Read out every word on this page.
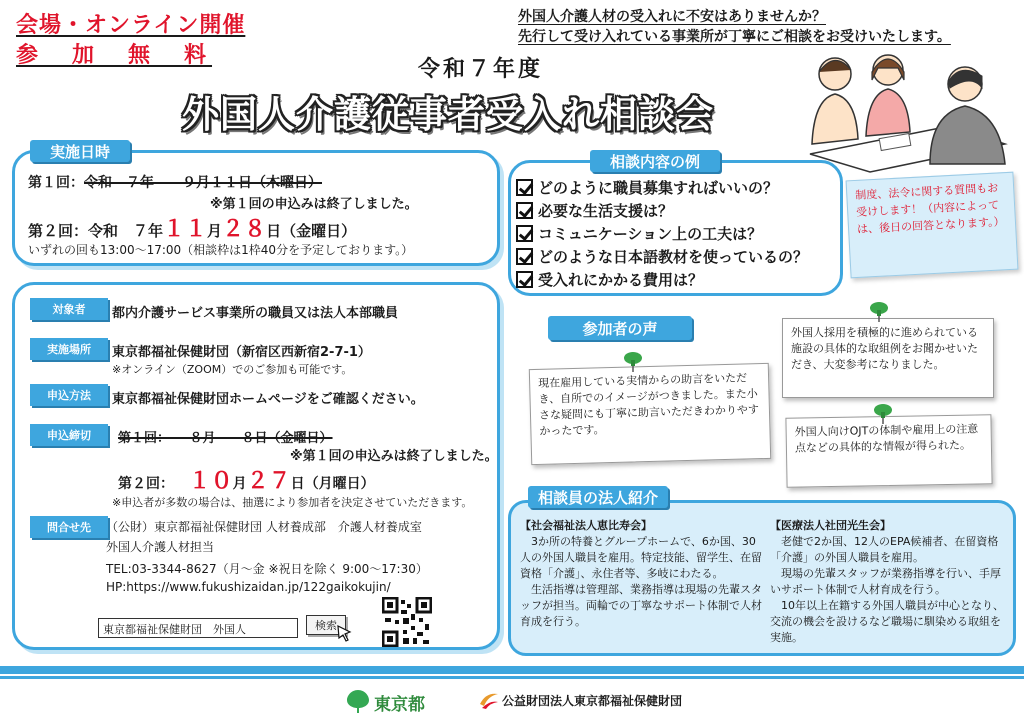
会場・オンライン開催
参　加　無　料
外国人介護人材の受入れに不安はありませんか？
先行して受け入れている事業所が丁寧にご相談をお受けいたします。
令和７年度
外国人介護従事者受入れ相談会
実施日時
第１回：令和　７年　　９月１１日（木曜日）
※第１回の申込みは終了しました。
第２回：令和　７年１１月２８日（金曜日）
いずれの回も13:00～17:00（相談枠は1枠40分を予定しております。）
対象者	都内介護サービス事業所の職員又は法人本部職員
実施場所	東京都福祉保健財団（新宿区西新宿2-7-1）
※オンライン（ZOOM）でのご参加も可能です。
申込方法	東京都福祉保健財団ホームページをご確認ください。
申込締切	第１回：　　８月　　８日（金曜日）
※第１回の申込みは終了しました。
第２回： １０月２７日（月曜日）
※申込者が多数の場合は、抽選により参加者を決定させていただきます。
問合せ先	（公財）東京都福祉保健財団 人材養成部　介護人材養成室
外国人介護人材担当
TEL:03-3344-8627（月～金 ※祝日を除く 9:00～17:30）
HP:https://www.fukushizaidan.jp/122gaikokujin/
東京都福祉保健財団　外国人	検索
相談内容の例
どのように職員募集すればいいの？
必要な生活支援は？
コミュニケーション上の工夫は？
どのような日本語教材を使っているの？
受入れにかかる費用は？
制度、法令に関する質問もお受けします！（内容によっては、後日の回答となります。）
参加者の声
現在雇用している実情からの助言をいただき、自所でのイメージがつきました。また小さな疑問にも丁寧に助言いただきわかりやすかったです。
外国人採用を積極的に進められている施設の具体的な取組例をお聞かせいただき、大変参考になりました。
外国人向けOJTの体制や雇用上の注意点などの具体的な情報が得られた。
相談員の法人紹介
【社会福祉法人恵比寿会】
　3か所の特養とグループホームで、6か国、30人の外国人職員を雇用。特定技能、留学生、在留資格「介護」、永住者等、多岐にわたる。
　生活指導は管理部、業務指導は現場の先輩スタッフが担当。両輪での丁寧なサポート体制で人材育成を行う。
【医療法人社団光生会】
　老健で2か国、12人のEPA候補者、在留資格「介護」の外国人職員を雇用。
　現場の先輩スタッフが業務指導を行い、手厚いサポート体制で人材育成を行う。
　10年以上在籍する外国人職員が中心となり、交流の機会を設けるなど職場に馴染める取組を実施。
東京都	公益財団法人東京都福祉保健財団
